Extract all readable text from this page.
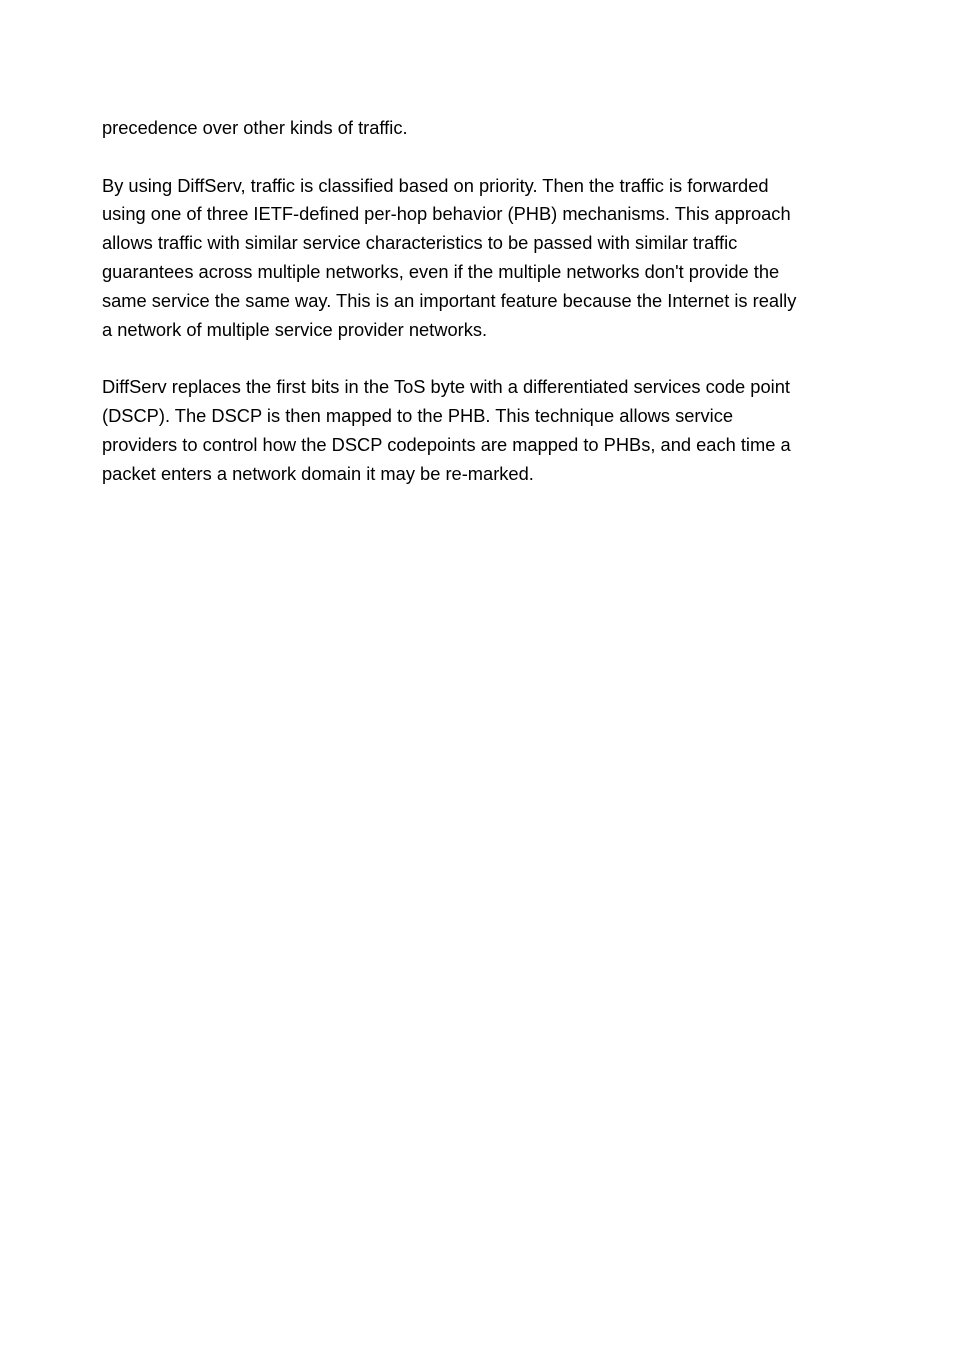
precedence over other kinds of traffic.

By using DiffServ, traffic is classified based on priority. Then the traffic is forwarded
using one of three IETF-defined per-hop behavior (PHB) mechanisms. This approach
allows traffic with similar service characteristics to be passed with similar traffic
guarantees across multiple networks, even if the multiple networks don't provide the
same service the same way. This is an important feature because the Internet is really
a network of multiple service provider networks.

DiffServ replaces the first bits in the ToS byte with a differentiated services code point
(DSCP). The DSCP is then mapped to the PHB. This technique allows service
providers to control how the DSCP codepoints are mapped to PHBs, and each time a
packet enters a network domain it may be re-marked.
